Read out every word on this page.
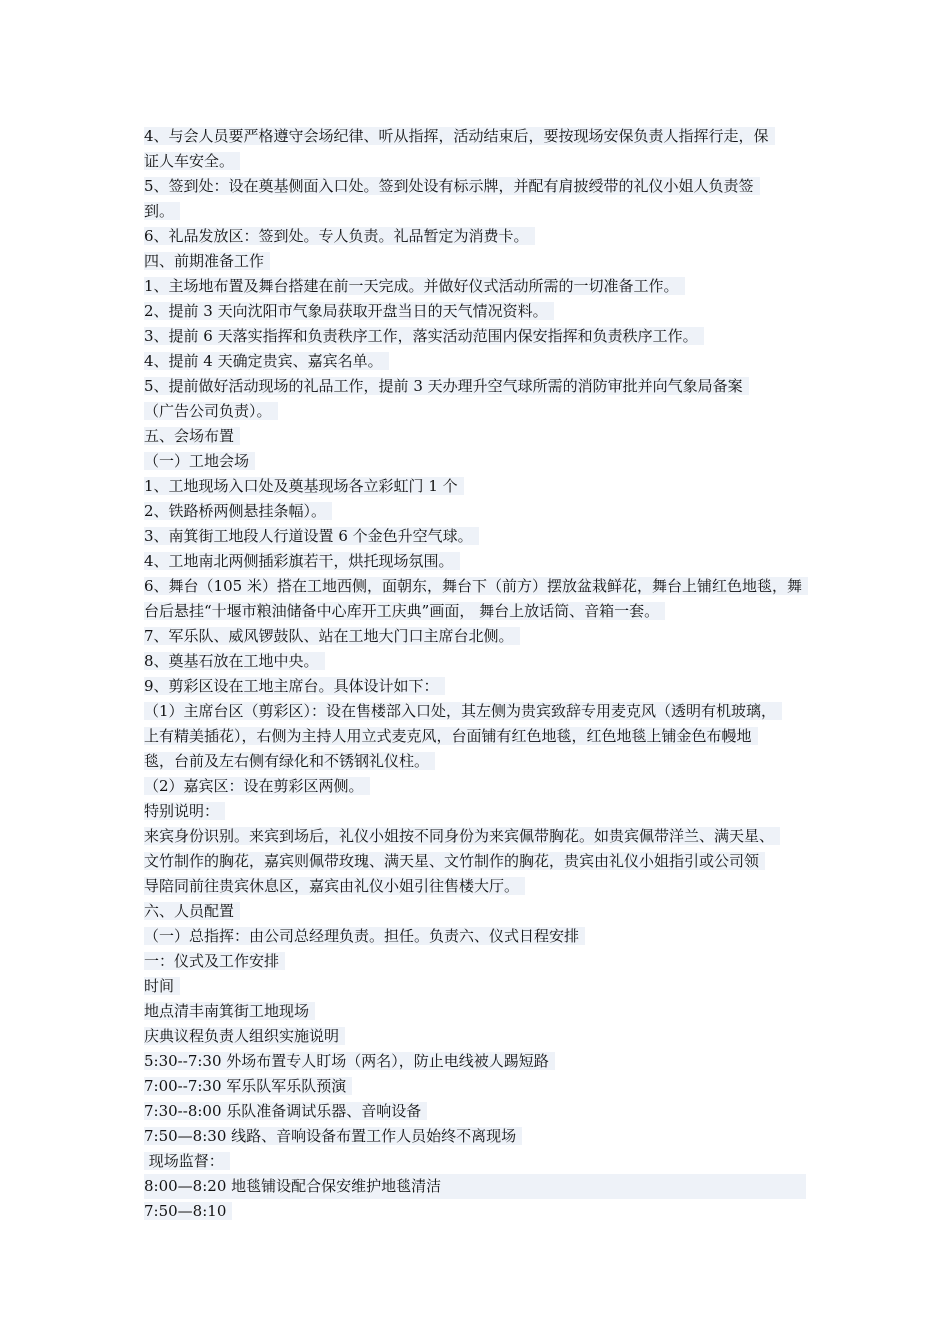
4、与会人员要严格遵守会场纪律、听从指挥，活动结束后，要按现场安保负责人指挥行走，保
证人车安全。
5、签到处：设在奠基侧面入口处。签到处设有标示牌，并配有肩披绶带的礼仪小姐人负责签
到。
6、礼品发放区：签到处。专人负责。礼品暂定为消费卡。
四、前期准备工作
1、主场地布置及舞台搭建在前一天完成。并做好仪式活动所需的一切准备工作。
2、提前 3 天向沈阳市气象局获取开盘当日的天气情况资料。
3、提前 6 天落实指挥和负责秩序工作，落实活动范围内保安指挥和负责秩序工作。
4、提前 4 天确定贵宾、嘉宾名单。
5、提前做好活动现场的礼品工作，提前 3 天办理升空气球所需的消防审批并向气象局备案
（广告公司负责）。
五、会场布置
（一）工地会场
1、工地现场入口处及奠基现场各立彩虹门 1 个
2、铁路桥两侧悬挂条幅）。
3、南箕街工地段人行道设置 6 个金色升空气球。
4、工地南北两侧插彩旗若干，烘托现场氛围。
6、舞台（105 米）搭在工地西侧，面朝东，舞台下（前方）摆放盆栽鲜花，舞台上铺红色地毯，舞
台后悬挂“十堰市粮油储备中心库开工庆典”画面， 舞台上放话筒、音箱一套。
7、军乐队、威风锣鼓队、站在工地大门口主席台北侧。
8、奠基石放在工地中央。
9、剪彩区设在工地主席台。具体设计如下：
（1）主席台区（剪彩区）：设在售楼部入口处，其左侧为贵宾致辞专用麦克风（透明有机玻璃，
上有精美插花），右侧为主持人用立式麦克风，台面铺有红色地毯，红色地毯上铺金色布幔地
毯，台前及左右侧有绿化和不锈钢礼仪柱。
（2）嘉宾区：设在剪彩区两侧。
特别说明：
来宾身份识别。来宾到场后，礼仪小姐按不同身份为来宾佩带胸花。如贵宾佩带洋兰、满天星、
文竹制作的胸花，嘉宾则佩带玫瑰、满天星、文竹制作的胸花，贵宾由礼仪小姐指引或公司领
导陪同前往贵宾休息区，嘉宾由礼仪小姐引往售楼大厅。
六、人员配置
（一）总指挥：由公司总经理负责。担任。负责六、仪式日程安排
一：仪式及工作安排
时间
地点清丰南箕街工地现场
庆典议程负责人组织实施说明
5:30--7:30 外场布置专人盯场（两名），防止电线被人踢短路
7:00--7:30 军乐队军乐队预演
7:30--8:00 乐队准备调试乐器、音响设备
7:50—8:30 线路、音响设备布置工作人员始终不离现场
现场监督：
8:00—8:20 地毯铺设配合保安维护地毯清洁
7:50—8:10
